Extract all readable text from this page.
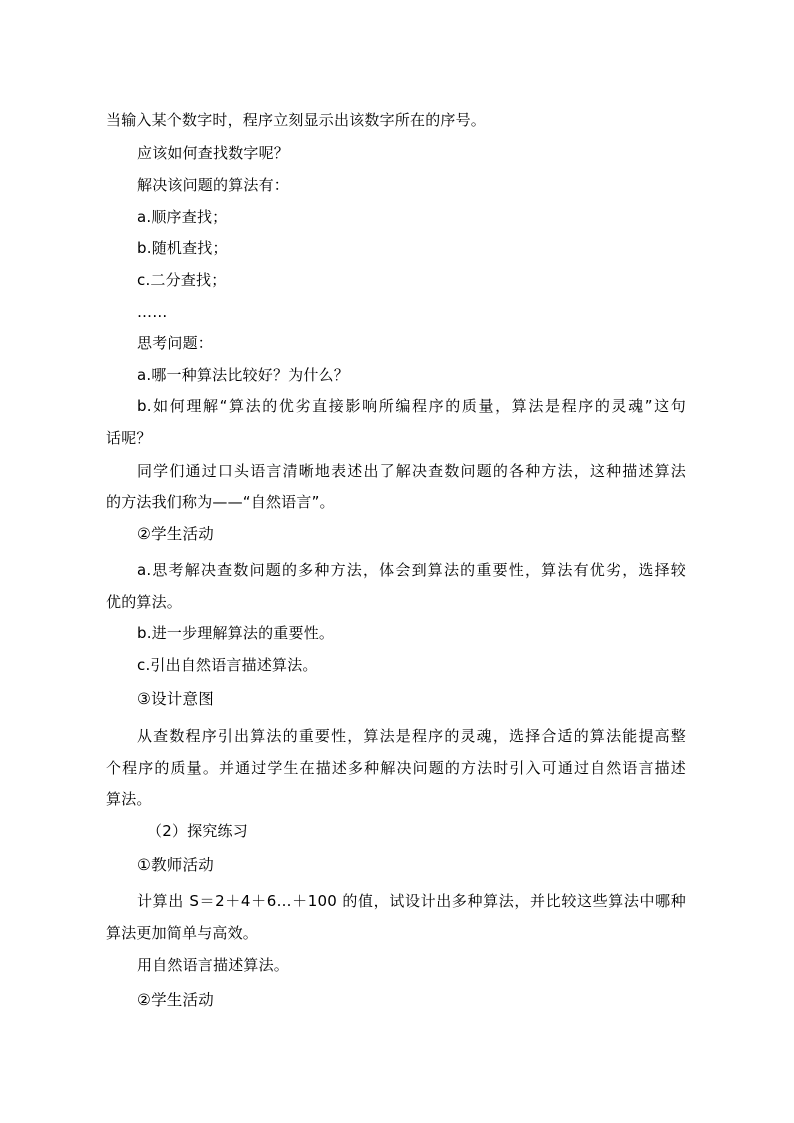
当输入某个数字时，程序立刻显示出该数字所在的序号。
应该如何查找数字呢？
解决该问题的算法有：
a.顺序查找；
b.随机查找；
c.二分查找；
……
思考问题：
a.哪一种算法比较好？为什么？
b.如何理解“算法的优劣直接影响所编程序的质量，算法是程序的灵魂”这句
话呢？
同学们通过口头语言清晰地表述出了解决查数问题的各种方法，这种描述算法
的方法我们称为——“自然语言”。
②学生活动
a.思考解决查数问题的多种方法，体会到算法的重要性，算法有优劣，选择较
优的算法。
b.进一步理解算法的重要性。
c.引出自然语言描述算法。
③设计意图
从查数程序引出算法的重要性，算法是程序的灵魂，选择合适的算法能提高整
个程序的质量。并通过学生在描述多种解决问题的方法时引入可通过自然语言描述
算法。
（2）探究练习
①教师活动
计算出 S＝2＋4＋6…＋100 的值，试设计出多种算法，并比较这些算法中哪种
算法更加简单与高效。
用自然语言描述算法。
②学生活动
